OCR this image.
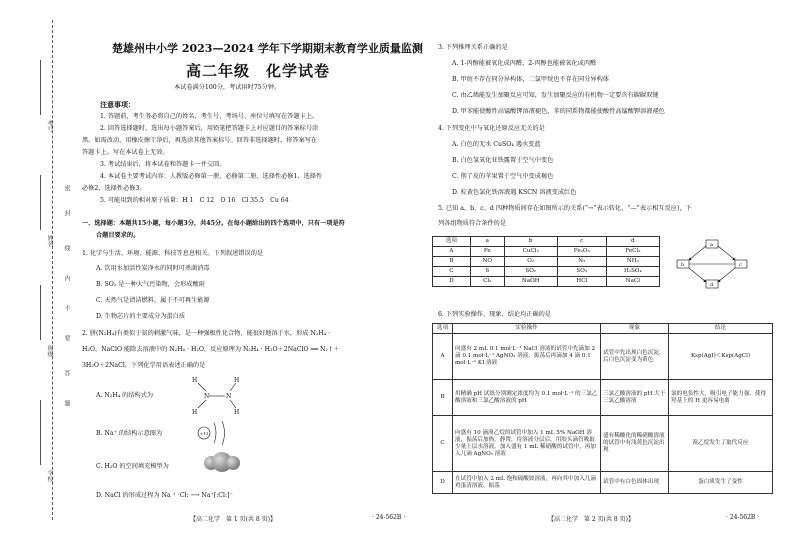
考号
姓名
班级
学校
密
封
线
内
不
要
答
题
楚雄州中小学 2023—2024 学年下学期期末教育学业质量监测
高二年级　化学试卷
本试卷满分100分，考试用时75分钟。
注意事项：
1. 答题前，考生务必将自己的姓名、考生号、考场号、座位号填写在答题卡上。
2. 回答选择题时，选出每小题答案后，用铅笔把答题卡上对应题目的答案标号涂
黑。如需改动，用橡皮擦干净后，再选涂其他答案标号。回答非选择题时，将答案写在
答题卡上。写在本试卷上无效。
3. 考试结束后，将本试卷和答题卡一并交回。
4. 本试卷主要考试内容：人教版必修第一册、必修第二册、选择性必修1、选择性
必修2、选择性必修3。
5. 可能用到的相对原子质量：H 1　C 12　O 16　Cl 35.5　Cu 64
一、选择题：本题共15小题，每小题3分，共45分。在每小题给出的四个选项中，只有一项是符
合题目要求的。
1. 化学与生活、环境、能源、科技等息息相关。下列叙述错误的是
A. 饮用水加活性炭净水的同时可杀菌消毒
B. SO₂ 是一种大气污染物，会形成酸雨
C. 天然气是清洁燃料，属于不可再生能源
D. 生物芯片的主要成分为蛋白质
2. 肼(N₂H₄)有类似于氨的刺激气味，是一种强极性化合物，能很好地溶于水，形成 N₂H₄ ·
H₂O。NaClO 能除去溶液中的 N₂H₄ · H₂O，反应原理为 N₂H₄ · H₂O＋2NaClO ══ N₂↑＋
3H₂O＋2NaCl，下列化学用语表述正确的是
A. N₂H₄ 的结构式为
H	H
N	N
H	H
B. Na⁺ 的结构示意图为	+11
C. H₂O 的空间填充模型为
D. NaCl 的形成过程为 Na ⁺ ·Cl: ⟶ Na⁺[:Cl:]⁻
【高二化学　第 1 页(共 8 页)】	· 24-562B ·
3. 下列推理关系正确的是
A. 1-丙醇能被氧化成丙醛，2-丙醇也能被氧化成丙醛
B. 甲烷不存在同分异构体，二氯甲烷也不存在同分异构体
C. 由乙烯能发生加聚反应可知，发生加聚反应的有机物一定要含有碳碳双键
D. 甲苯能使酸性高锰酸钾溶液褪色，苯的同系物都能使酸性高锰酸钾溶液褪色
4. 下列变化中与氧化还原反应无关的是
A. 白色的无水 CuSO₄ 遇水变蓝
B. 白色氢氧化亚铁露置于空气中变色
C. 削了皮的苹果置于空气中变成褐色
D. 棕黄色氯化铁溶液遇 KSCN 溶液变成红色
5. 已知 a、b、c、d 四种物质间存在如图所示的关系(“→”表示转化，“—”表示相互反应)，下
列各组物质符合条件的是
选项	a	b	c	d
A	Fe	CuCl₂	Fe₂O₃	FeCl₃
B	NO	O₂	N₂	NH₃
C	S	SO₂	SO₃	H₂SO₄
D	Cl₂	NaOH	HCl	NaCl
a
b	c
d
6. 下列实验操作、现象、结论均正确的是
选项	实验操作	现象	结论
A	向盛有 2 mL 0.1 mol·L⁻¹ NaCl 溶液的试管中先滴加 2 滴 0.1 mol·L⁻¹ AgNO₃ 溶液，振荡后再滴加 4 滴 0.1 mol·L⁻¹ KI 溶液	试管中先出现白色沉淀，后白色沉淀变为黄色	Ksp(AgI)＜Ksp(AgCl)
B	用精确 pH 试纸分别测定浓度均为 0.1 mol·L⁻¹ 的三氯乙酸溶液和三氯乙酸溶液的 pH	三氯乙酸溶液的 pH 大于三氯乙酸溶液	氯的电负性大，吸引电子能力强，使得羟基上的 H 更容易电离
C	向盛有 10 滴溴乙烷的试管中加入 1 mL 5% NaOH 溶液，振荡后加热，静置，待溶液分层后，用胶头滴管吸取少量上层水溶液，加入盛有 1 mL 稀硝酸的试管中，再加入几滴 AgNO₃ 溶液	盛有稀酸化的稀硝酸溶液的试管中有浅黄色沉淀出现	溴乙烷发生了取代反应
D	在试管中加入 2 mL 饱和硫酸铵溶液，再向其中加入几滴鸡蛋清溶液，振荡	试管中有白色固体出现	蛋白质发生了变性
【高二化学　第 2 页(共 8 页)】	· 24-562B ·
